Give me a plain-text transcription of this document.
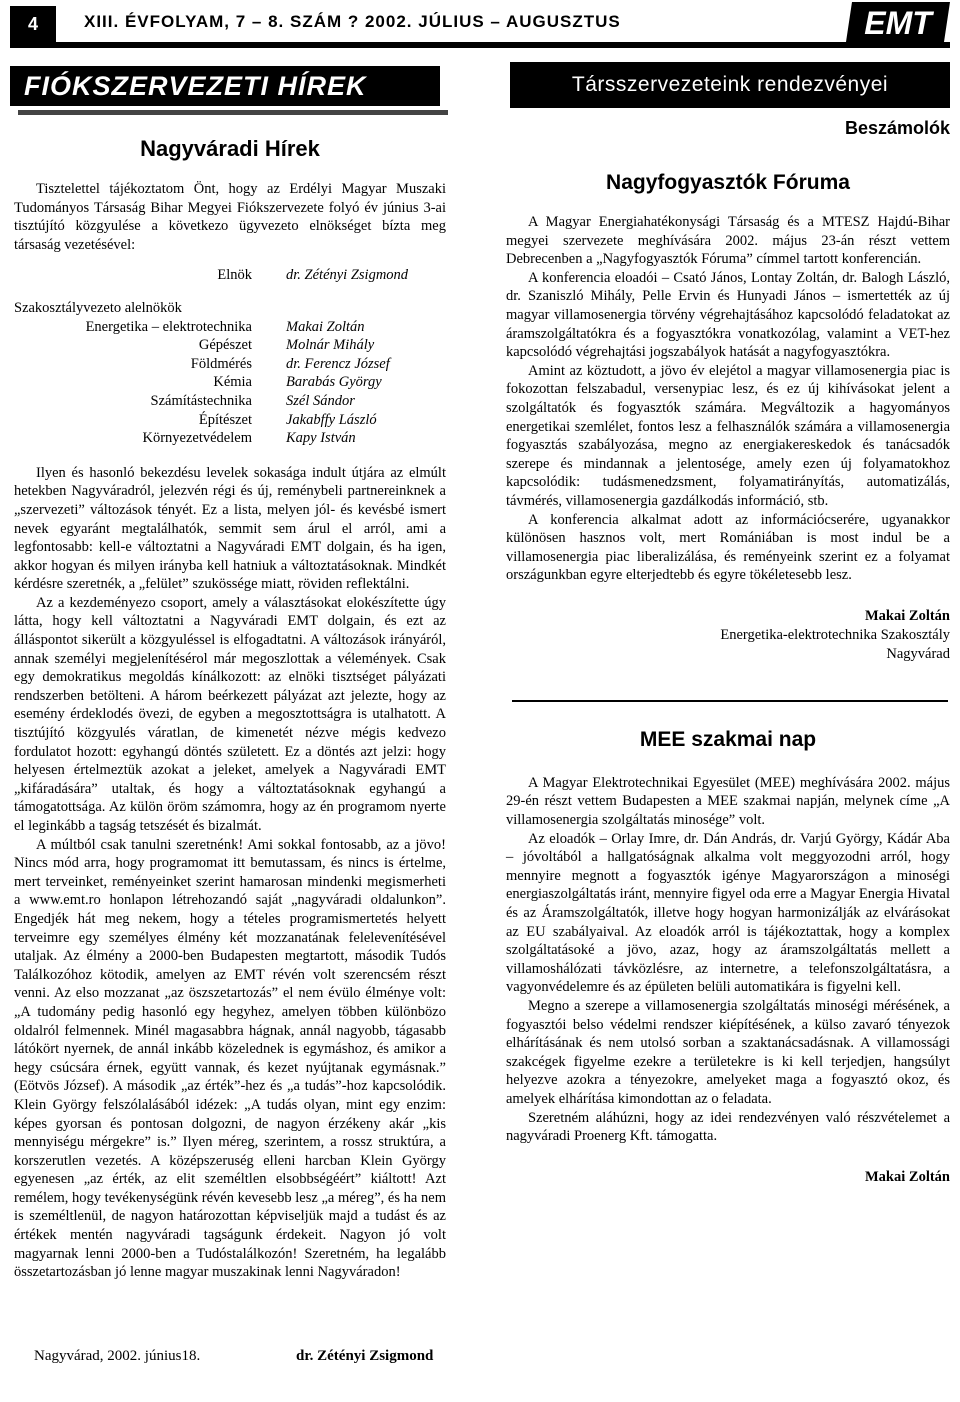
4	XIII. ÉVFOLYAM, 7 – 8. SZÁM ? 2002. JÚLIUS – AUGUSZTUS	EMT
FIÓKSZERVEZETI HÍREK	Társszervezeteink rendezvényei
Nagyváradi Hírek

Tisztelettel tájékoztatom Önt, hogy az Erdélyi Magyar Muszaki Tudományos Társaság Bihar Megyei Fiókszervezete folyó év június 3-ai tisztújító közgyulése a következo ügyvezeto elnökséget bízta meg társaság vezetésével:

Elnök dr. Zétényi Zsigmond
Szakosztályvezeto alelnökök
Energetika – elektrotechnika Makai Zoltán
Gépészet Molnár Mihály
Földmérés dr. Ferencz József
Kémia Barabás György
Számítástechnika Szél Sándor
Építészet Jakabffy László
Környezetvédelem Kapy István

Ilyen és hasonló bekezdésu levelek sokasága indult útjára az elmúlt hetekben Nagyváradról, jelezvén régi és új, reménybeli partnereinknek a „szervezeti” változások tényét. Ez a lista, melyen jól- és kevésbé ismert nevek egyaránt megtalálhatók, semmit sem árul el arról, ami a legfontosabb: kell-e változtatni a Nagyváradi EMT dolgain, és ha igen, akkor hogyan és milyen irányba kell hatniuk a változtatásoknak. Mindkét kérdésre szeretnék, a „felület” szukössége miatt, röviden reflektálni.

Az a kezdeményezo csoport, amely a választásokat elokészítette úgy látta, hogy kell változtatni a Nagyváradi EMT dolgain, és ezt az álláspontot sikerült a közgyuléssel is elfogadtatni. A változások irányáról, annak személyi megjelenítésérol már megoszlottak a vélemények. Csak egy demokratikus megoldás kínálkozott: az elnöki tisztséget pályázati rendszerben betölteni. A három beérkezett pályázat azt jelezte, hogy az esemény érdeklodés övezi, de egyben a megosztottságra is utalhatott. A tisztújító közgyulés váratlan, de kimenetét nézve mégis kedvezo fordulatot hozott: egyhangú döntés született. Ez a döntés azt jelzi: hogy helyesen értelmeztük azokat a jeleket, amelyek a Nagyváradi EMT „kifáradására” utaltak, és hogy a változtatásoknak egyhangú a támogatottsága. Az külön öröm számomra, hogy az én programom nyerte el leginkább a tagság tetszését és bizalmát.

A múltból csak tanulni szeretnénk! Ami sokkal fontosabb, az a jövo! Nincs mód arra, hogy programomat itt bemutassam, és nincs is értelme, mert terveinket, reményeinket szerint hamarosan mindenki megismerheti a www.emt.ro honlapon létrehozandó saját „nagyváradi oldalunkon”. Engedjék hát meg nekem, hogy a tételes programismertetés helyett terveimre egy személyes élmény két mozzanatának felelevenítésével utaljak. Az élmény a 2000-ben Budapesten megtartott, második Tudós Találkozóhoz kötodik, amelyen az EMT révén volt szerencsém részt venni. Az elso mozzanat „az öszszetartozás” el nem évülo élménye volt: „A tudomány pedig hasonló egy hegyhez, amelyen többen különbözo oldalról felmennek. Minél magasabbra hágnak, annál nagyobb, tágasabb látókört nyernek, de annál inkább közelednek is egymáshoz, és amikor a hegy csúcsára érnek, együtt vannak, és kezet nyújtanak egymásnak.” (Eötvös József). A második „az érték”-hez és „a tudás”-hoz kapcsolódik. Klein György felszólalásából idézek: „A tudás olyan, mint egy enzim: képes gyorsan és pontosan dolgozni, de nagyon érzékeny akár „kis mennyiségu mérgekre” is.” Ilyen méreg, szerintem, a rossz struktúra, a korszerutlen vezetés. A középszeruség elleni harcban Klein György egyenesen „az érték, az elit személtlen elsobbségéért” kiáltott! Azt remélem, hogy tevékenységünk révén kevesebb lesz „a méreg”, és ha nem is személtlenül, de nagyon határozottan képviseljük majd a tudást és az értékek mentén nagyváradi tagságunk érdekeit. Nagyon jó volt magyarnak lenni 2000-ben a Tudóstalálkozón! Szeretném, ha legalább összetartozásban jó lenne magyar muszakinak lenni Nagyváradon!

Nagyvárad, 2002. június18.	dr. Zétényi Zsigmond

Beszámolók

Nagyfogyasztók Fóruma

A Magyar Energiahatékonysági Társaság és a MTESZ Hajdú-Bihar megyei szervezete meghívására 2002. május 23-án részt vettem Debrecenben a „Nagyfogyasztók Fóruma” címmel tartott konferencián.

A konferencia eloadói – Csató János, Lontay Zoltán, dr. Balogh László, dr. Szaniszló Mihály, Pelle Ervin és Hunyadi János – ismertették az új magyar villamosenergia törvény végrehajtásához kapcsolódó feladatokat az áramszolgáltatókra és a fogyasztókra vonatkozólag, valamint a VET-hez kapcsolódó végrehajtási jogszabályok hatását a nagyfogyasztókra.

Amint az köztudott, a jövo év elejétol a magyar villamosenergia piac is fokozottan felszabadul, versenypiac lesz, és ez új kihívásokat jelent a szolgáltatók és fogyasztók számára. Megváltozik a hagyományos energetikai szemlélet, fontos lesz a felhasználók számára a villamosenergia fogyasztás szabályozása, megno az energiakereskedok és tanácsadók szerepe és mindannak a jelentosége, amely ezen új folyamatokhoz kapcsolódik: tudásmenedzsment, folyamatirányítás, automatizálás, távmérés, villamosenergia gazdálkodás információ, stb.

A konferencia alkalmat adott az információcserére, ugyanakkor különösen hasznos volt, mert Romániában is most indul be a villamosenergia piac liberalizálása, és reményeink szerint ez a folyamat országunkban egyre elterjedtebb és egyre tökéletesebb lesz.

Makai Zoltán
Energetika-elektrotechnika Szakosztály
Nagyvárad
MEE szakmai nap

A Magyar Elektrotechnikai Egyesület (MEE) meghívására 2002. május 29-én részt vettem Budapesten a MEE szakmai napján, melynek címe „A villamosenergia szolgáltatás minosége” volt.

Az eloadók – Orlay Imre, dr. Dán András, dr. Varjú György, Kádár Aba – jóvoltából a hallgatóságnak alkalma volt meggyozodni arról, hogy mennyire megnott a fogyasztók igénye Magyarországon a minoségi energiaszolgáltatás iránt, mennyire figyel oda erre a Magyar Energia Hivatal és az Áramszolgáltatók, illetve hogy hogyan harmonizálják az elvárásokat az EU szabályaival. Az eloadók arról is tájékoztattak, hogy a komplex szolgáltatásoké a jövo, azaz, hogy az áramszolgáltatás mellett a villamoshálózati távközlésre, az internetre, a telefonszolgáltatásra, a vagyonvédelemre és az épületen belüli automatikára is figyelni kell.

Megno a szerepe a villamosenergia szolgáltatás minoségi mérésének, a fogyasztói belso védelmi rendszer kiépítésének, a külso zavaró tényezok elhárításának és nem utolsó sorban a szaktanácsadásnak. A villamossági szakcégek figyelme ezekre a területekre is ki kell terjedjen, hangsúlyt helyezve azokra a tényezokre, amelyeket maga a fogyasztó okoz, és amelyek elhárítása kimondottan az o feladata.

Szeretném aláhúzni, hogy az idei rendezvényen való részvételemet a nagyváradi Proenerg Kft. támogatta.

Makai Zoltán
